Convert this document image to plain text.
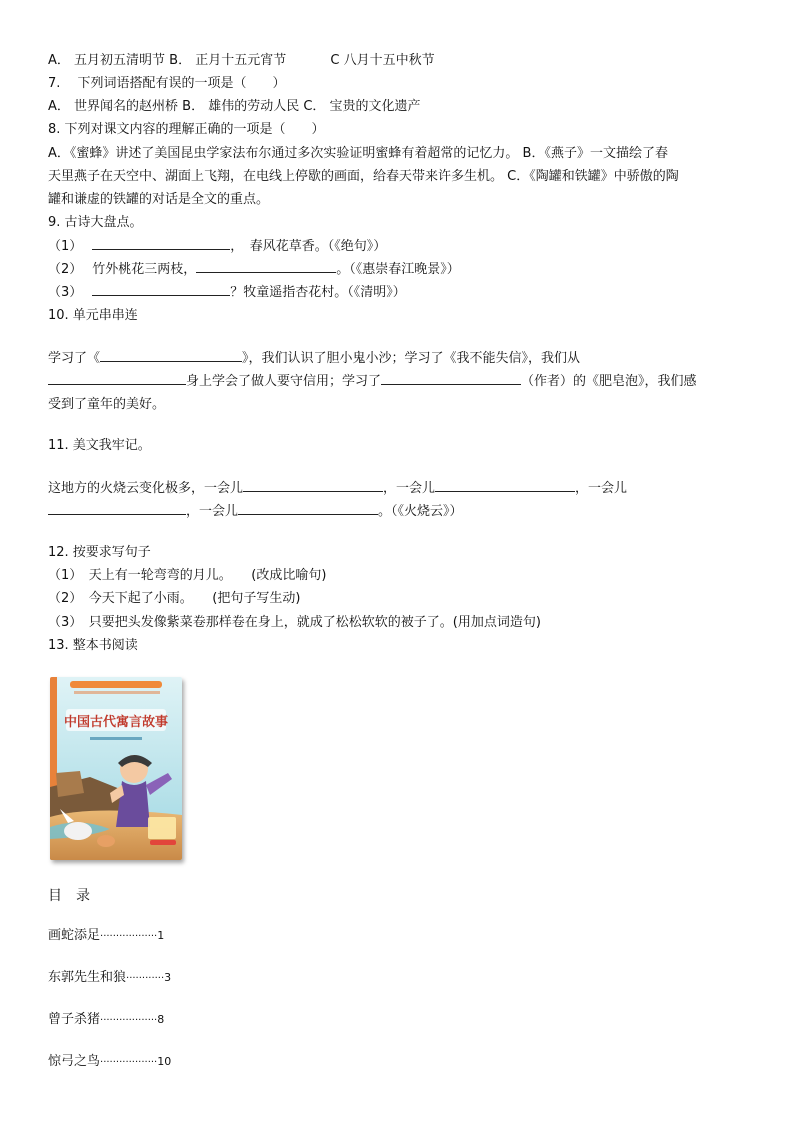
A． 五月初五清明节 B． 正月十五元宵节	C 八月十五中秋节
7.　 下列词语搭配有误的一项是（　　）
A． 世界闻名的赵州桥 B． 雄伟的劳动人民 C． 宝贵的文化遗产
8. 下列对课文内容的理解正确的一项是（　　）
A．《蜜蜂》讲述了美国昆虫学家法布尔通过多次实验证明蜜蜂有着超常的记忆力。 B．《燕子》一文描绘了春
天里燕子在天空中、湖面上飞翔，在电线上停歇的画面，给春天带来许多生机。 C．《陶罐和铁罐》中骄傲的陶
罐和谦虚的铁罐的对话是全文的重点。
9. 古诗大盘点。
（1）	，　春风花草香。（《绝句》）
（2） 竹外桃花三两枝，	。（《惠崇春江晚景》）
（3）	？牧童遥指杏花村。（《清明》）
10. 单元串串连
学习了《	》，我们认识了胆小鬼小沙；学习了《我不能失信》，我们从
身上学会了做人要守信用；学习了	（作者）的《肥皂泡》，我们感
受到了童年的美好。
11. 美文我牢记。
这地方的火烧云变化极多，一会儿	，一会儿	，一会儿
，一会儿	。（《火烧云》）
12. 按要求写句子
（1）　天上有一轮弯弯的月儿。　　(改成比喻句)
（2）　今天下起了小雨。　　(把句子写生动)
（3）　只要把头发像紫菜卷那样卷在身上，就成了松松软软的被子了。(用加点词造句)
13. 整本书阅读
中国古代寓言故事
目　录
画蛇添足··················1
东郭先生和狼············3
曾子杀猪··················8
惊弓之鸟··················10
